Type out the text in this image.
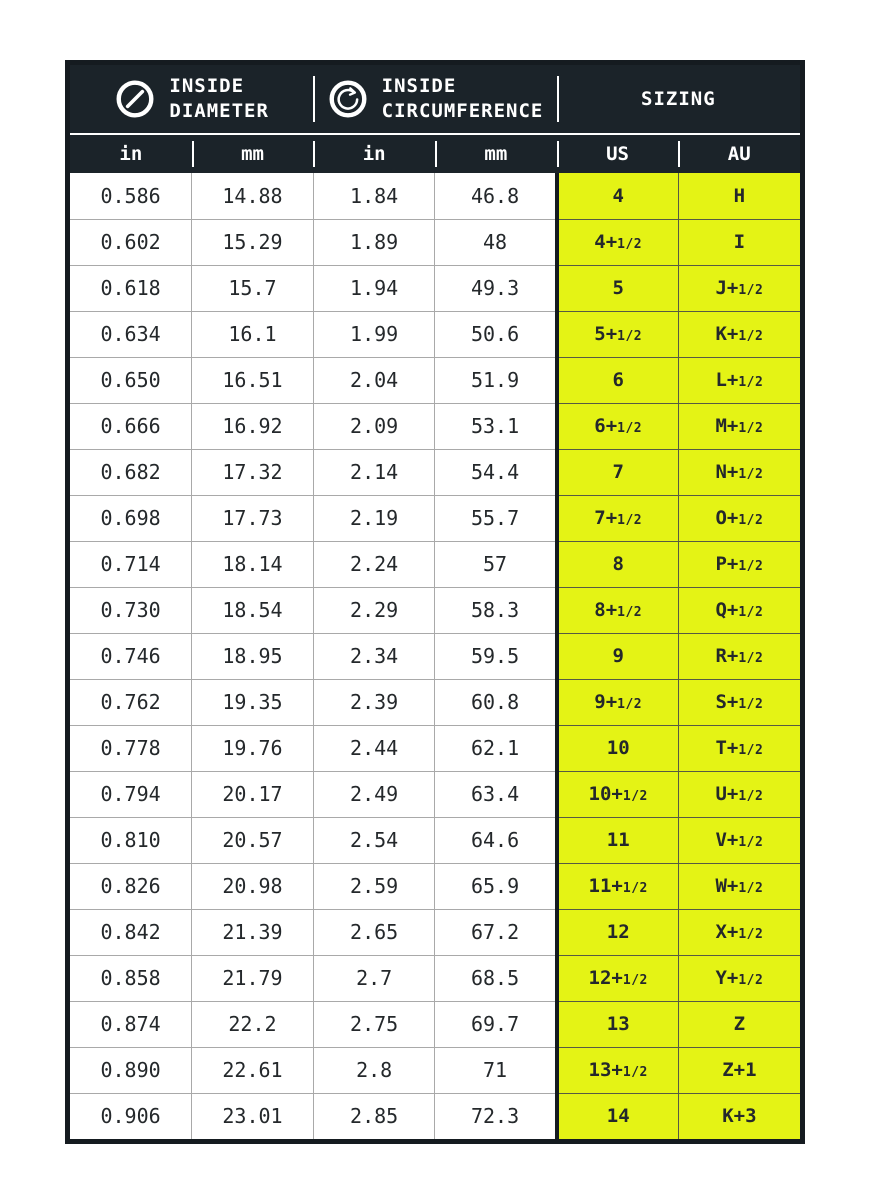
INSIDE
DIAMETER
INSIDE
CIRCUMFERENCE
SIZING
in	mm	in	mm	US	AU
0.586	14.88	1.84	46.8	4	H
0.602	15.29	1.89	48	4+1/2	I
0.618	15.7	1.94	49.3	5	J+1/2
0.634	16.1	1.99	50.6	5+1/2	K+1/2
0.650	16.51	2.04	51.9	6	L+1/2
0.666	16.92	2.09	53.1	6+1/2	M+1/2
0.682	17.32	2.14	54.4	7	N+1/2
0.698	17.73	2.19	55.7	7+1/2	O+1/2
0.714	18.14	2.24	57	8	P+1/2
0.730	18.54	2.29	58.3	8+1/2	Q+1/2
0.746	18.95	2.34	59.5	9	R+1/2
0.762	19.35	2.39	60.8	9+1/2	S+1/2
0.778	19.76	2.44	62.1	10	T+1/2
0.794	20.17	2.49	63.4	10+1/2	U+1/2
0.810	20.57	2.54	64.6	11	V+1/2
0.826	20.98	2.59	65.9	11+1/2	W+1/2
0.842	21.39	2.65	67.2	12	X+1/2
0.858	21.79	2.7	68.5	12+1/2	Y+1/2
0.874	22.2	2.75	69.7	13	Z
0.890	22.61	2.8	71	13+1/2	Z+1
0.906	23.01	2.85	72.3	14	K+3
